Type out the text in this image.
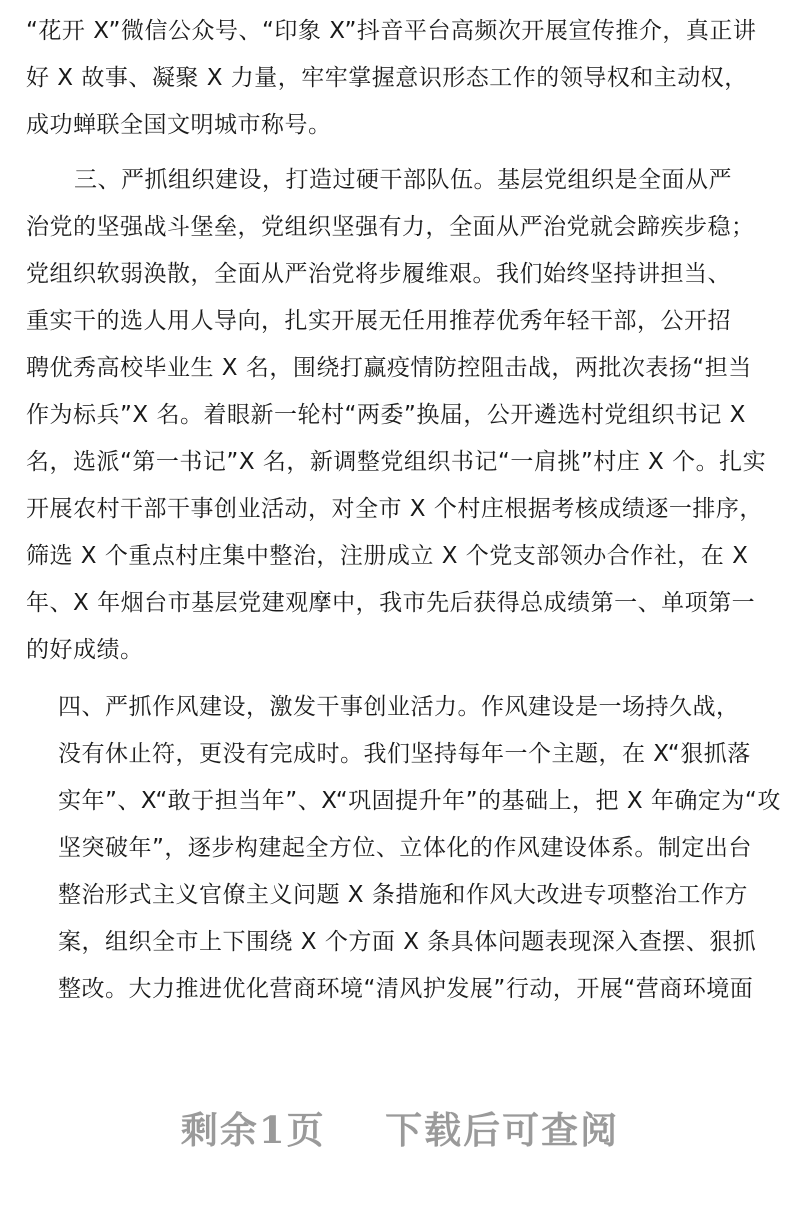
“花开 X”微信公众号、“印象 X”抖音平台高频次开展宣传推介，真正讲
好 X 故事、凝聚 X 力量，牢牢掌握意识形态工作的领导权和主动权，
成功蝉联全国文明城市称号。
三、严抓组织建设，打造过硬干部队伍。基层党组织是全面从严
治党的坚强战斗堡垒，党组织坚强有力，全面从严治党就会蹄疾步稳；
党组织软弱涣散，全面从严治党将步履维艰。我们始终坚持讲担当、
重实干的选人用人导向，扎实开展无任用推荐优秀年轻干部，公开招
聘优秀高校毕业生 X 名，围绕打赢疫情防控阻击战，两批次表扬“担当
作为标兵”X 名。着眼新一轮村“两委”换届，公开遴选村党组织书记 X
名，选派“第一书记”X 名，新调整党组织书记“一肩挑”村庄 X 个。扎实
开展农村干部干事创业活动，对全市 X 个村庄根据考核成绩逐一排序，
筛选 X 个重点村庄集中整治，注册成立 X 个党支部领办合作社，在 X
年、X 年烟台市基层党建观摩中，我市先后获得总成绩第一、单项第一
的好成绩。
四、严抓作风建设，激发干事创业活力。作风建设是一场持久战，
没有休止符，更没有完成时。我们坚持每年一个主题，在 X“狠抓落
实年”、X“敢于担当年”、X“巩固提升年”的基础上，把 X 年确定为“攻
坚突破年”，逐步构建起全方位、立体化的作风建设体系。制定出台
整治形式主义官僚主义问题 X 条措施和作风大改进专项整治工作方
案，组织全市上下围绕 X 个方面 X 条具体问题表现深入查摆、狠抓
整改。大力推进优化营商环境“清风护发展”行动，开展“营商环境面
剩余1页    下载后可查阅
